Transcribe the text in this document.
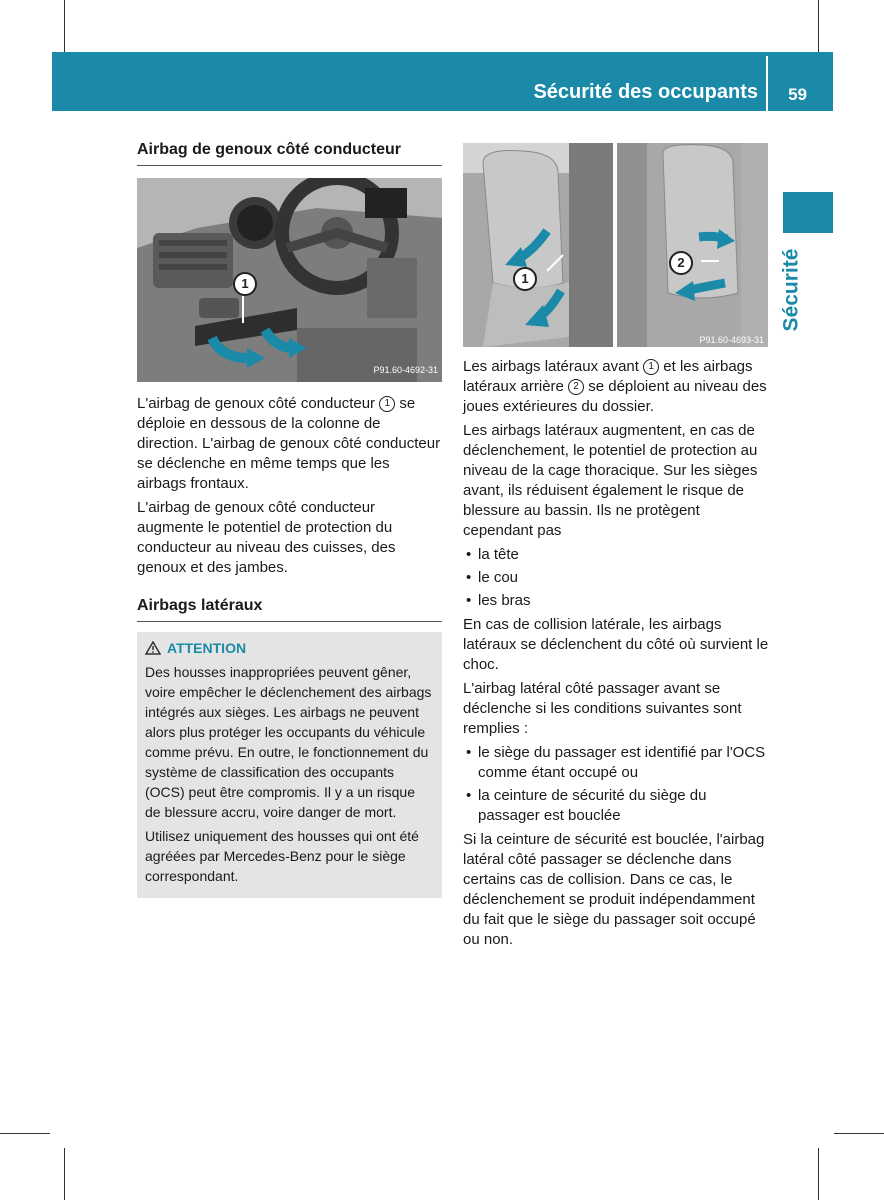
Sécurité des occupants 59
Sécurité
Airbag de genoux côté conducteur
1
P91.60-4692-31

L'airbag de genoux côté conducteur 1 se déploie en dessous de la colonne de direction. L'airbag de genoux côté conducteur se déclenche en même temps que les airbags frontaux.

L'airbag de genoux côté conducteur augmente le potentiel de protection du conducteur au niveau des cuisses, des genoux et des jambes.

Airbags latéraux
ATTENTION

Des housses inappropriées peuvent gêner, voire empêcher le déclenchement des airbags intégrés aux sièges. Les airbags ne peuvent alors plus protéger les occupants du véhicule comme prévu. En outre, le fonctionnement du système de classification des occupants (OCS) peut être compromis. Il y a un risque de blessure accru, voire danger de mort.

Utilisez uniquement des housses qui ont été agréées par Mercedes-Benz pour le siège correspondant.

1
2
P91.60-4693-31

Les airbags latéraux avant 1 et les airbags latéraux arrière 2 se déploient au niveau des joues extérieures du dossier.

Les airbags latéraux augmentent, en cas de déclenchement, le potentiel de protection au niveau de la cage thoracique. Sur les sièges avant, ils réduisent également le risque de blessure au bassin. Ils ne protègent cependant pas

• la tête
• le cou
• les bras

En cas de collision latérale, les airbags latéraux se déclenchent du côté où survient le choc.

L'airbag latéral côté passager avant se déclenche si les conditions suivantes sont remplies :

• le siège du passager est identifié par l'OCS comme étant occupé ou
• la ceinture de sécurité du siège du passager est bouclée

Si la ceinture de sécurité est bouclée, l'airbag latéral côté passager se déclenche dans certains cas de collision. Dans ce cas, le déclenchement se produit indépendamment du fait que le siège du passager soit occupé ou non.
